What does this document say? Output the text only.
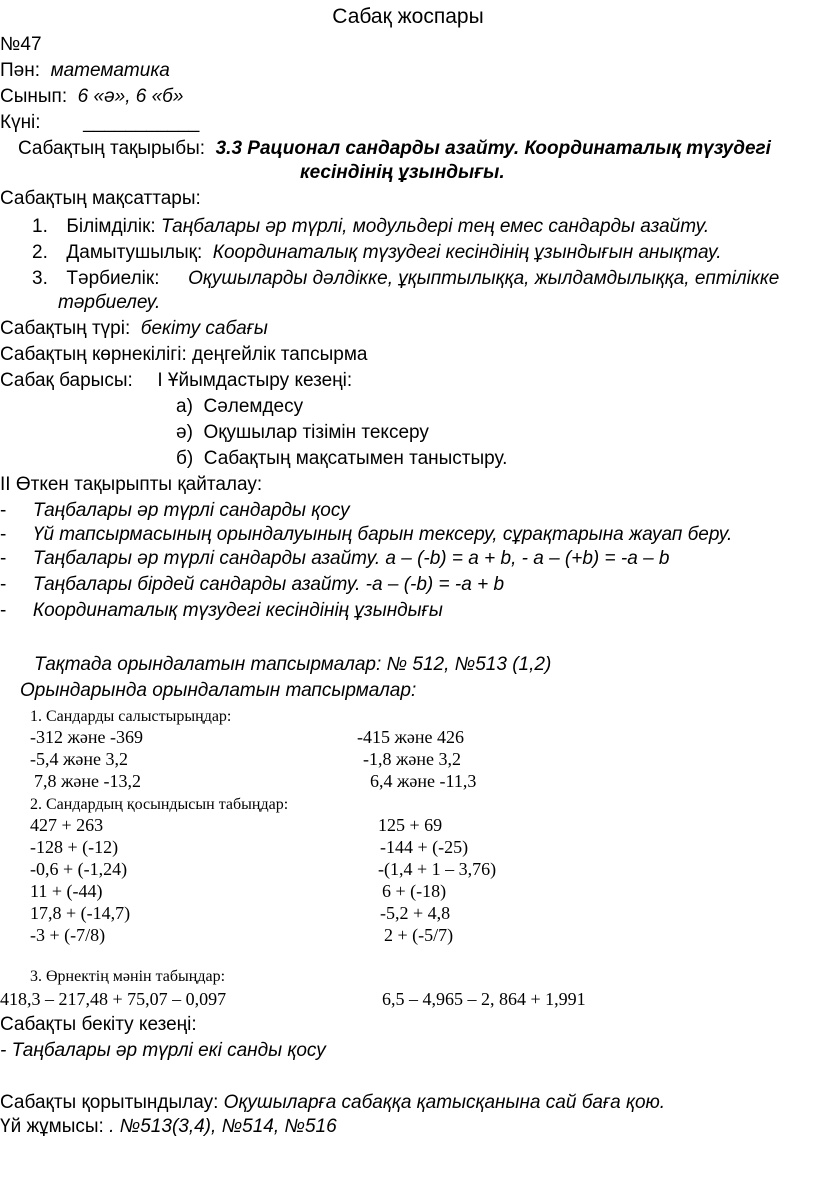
Сабақ жоспары
№47
Пән: математика
Сынып: 6 «ә», 6 «б»
Күні: ___________
Сабақтың тақырыбы: 3.3 Рационал сандарды азайту. Координаталық түзудегі
кесіндінің ұзындығы.
Сабақтың мақсаттары:
1. Білімділік: Таңбалары әр түрлі, модульдері тең емес сандарды азайту.
2. Дамытушылық: Координаталық түзудегі кесіндінің ұзындығын анықтау.
3. Тәрбиелік: Оқушыларды дәлдікке, ұқыптылыққа, жылдамдылыққа, ептілікке
тәрбиелеу.
Сабақтың түрі: бекіту сабағы
Сабақтың көрнекілігі: деңгейлік тапсырма
Сабақ барысы: І Ұйымдастыру кезеңі:
а) Сәлемдесу
ә) Оқушылар тізімін тексеру
б) Сабақтың мақсатымен таныстыру.
ІІ Өткен тақырыпты қайталау:
- Таңбалары әр түрлі сандарды қосу
- Үй тапсырмасының орындалуының барын тексеру, сұрақтарына жауап беру.
- Таңбалары әр түрлі сандарды азайту. a – (-b) = a + b, - a – (+b) = -a – b
- Таңбалары бірдей сандарды азайту. -a – (-b) = -a + b
- Координаталық түзудегі кесіндінің ұзындығы
Тақтада орындалатын тапсырмалар: № 512, №513 (1,2)
Орындарында орындалатын тапсырмалар:
1. Сандарды салыстырыңдар:
-312 және -369	-415 және 426
-5,4 және 3,2	-1,8 және 3,2
7,8 және -13,2	6,4 және -11,3
2. Сандардың қосындысын табыңдар:
427 + 263	125 + 69
-128 + (-12)	-144 + (-25)
-0,6 + (-1,24)	-(1,4 + 1 – 3,76)
11 + (-44)	6 + (-18)
17,8 + (-14,7)	-5,2 + 4,8
-3 + (-7/8)	2 + (-5/7)
3. Өрнектің мәнін табыңдар:
418,3 – 217,48 + 75,07 – 0,097	6,5 – 4,965 – 2, 864 + 1,991
Сабақты бекіту кезеңі:
- Таңбалары әр түрлі екі санды қосу
Сабақты қорытындылау: Оқушыларға сабаққа қатысқанына сай баға қою.
Үй жұмысы: . №513(3,4), №514, №516
